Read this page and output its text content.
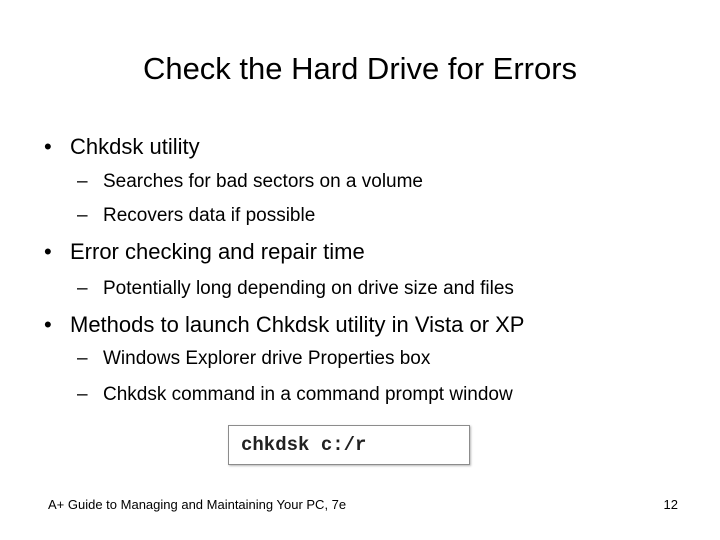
Check the Hard Drive for Errors
• Chkdsk utility
– Searches for bad sectors on a volume
– Recovers data if possible
• Error checking and repair time
– Potentially long depending on drive size and files
• Methods to launch Chkdsk utility in Vista or XP
– Windows Explorer drive Properties box
– Chkdsk command in a command prompt window
chkdsk c:/r
A+ Guide to Managing and Maintaining Your PC, 7e	12
